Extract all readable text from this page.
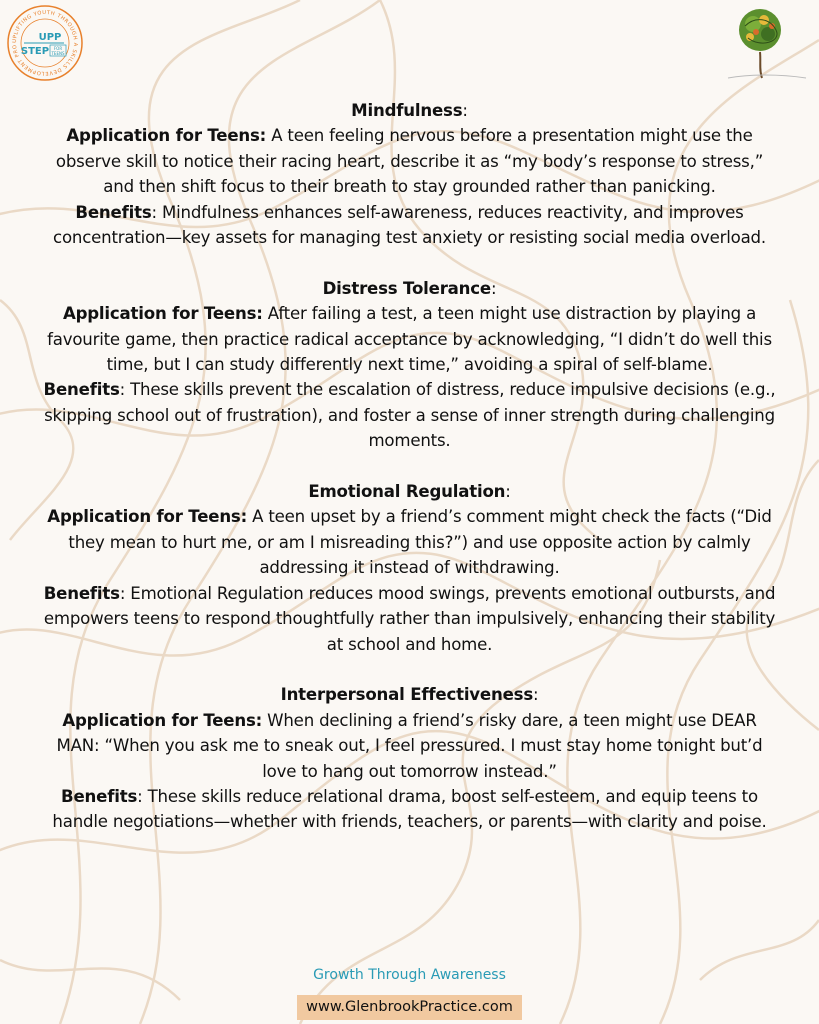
UPLIFTING YOUTH THROUGH A SKILLS DEVELOPMENT PRO
UPP
STEP FOR
TEENS

Mindfulness:

Application for Teens: A teen feeling nervous before a presentation might use the observe skill to notice their racing heart, describe it as “my body’s response to stress,” and then shift focus to their breath to stay grounded rather than panicking.

Benefits: Mindfulness enhances self-awareness, reduces reactivity, and improves concentration—key assets for managing test anxiety or resisting social media overload.

Distress Tolerance:

Application for Teens: After failing a test, a teen might use distraction by playing a favourite game, then practice radical acceptance by acknowledging, “I didn’t do well this time, but I can study differently next time,” avoiding a spiral of self-blame.

Benefits: These skills prevent the escalation of distress, reduce impulsive decisions (e.g., skipping school out of frustration), and foster a sense of inner strength during challenging moments.

Emotional Regulation:

Application for Teens: A teen upset by a friend’s comment might check the facts (“Did they mean to hurt me, or am I misreading this?”) and use opposite action by calmly addressing it instead of withdrawing.

Benefits: Emotional Regulation reduces mood swings, prevents emotional outbursts, and empowers teens to respond thoughtfully rather than impulsively, enhancing their stability at school and home.

Interpersonal Effectiveness:

Application for Teens: When declining a friend’s risky dare, a teen might use DEAR MAN: “When you ask me to sneak out, I feel pressured. I must stay home tonight but’d love to hang out tomorrow instead.”

Benefits: These skills reduce relational drama, boost self-esteem, and equip teens to handle negotiations—whether with friends, teachers, or parents—with clarity and poise.

Growth Through Awareness
www.GlenbrookPractice.com
